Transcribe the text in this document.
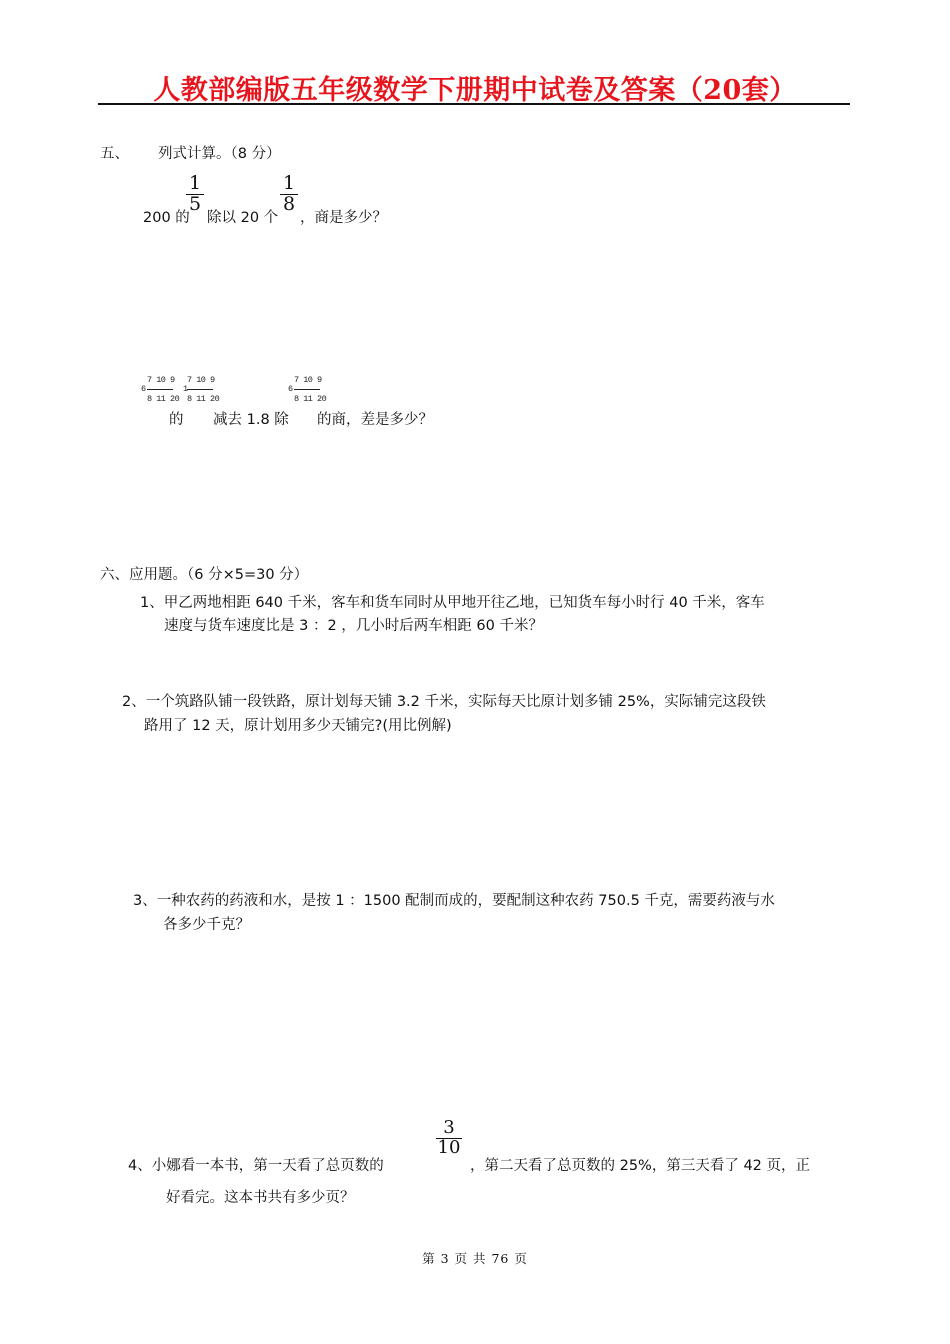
人教部编版五年级数学下册期中试卷及答案（20套）
五、 列式计算。（8 分）
200 的
1
5
除以 20 个
1
8
，商是多少？
7 10 9
6
8 11 20
的
7 10 9
1
8 11 20
减去 1.8 除
7 10 9
6
8 11 20
的商，差是多少？
六、应用题。（6 分×5=30 分）
1、甲乙两地相距 640 千米，客车和货车同时从甲地开往乙地，已知货车每小时行 40 千米，客车
速度与货车速度比是 3 ：2 ，几小时后两车相距 60 千米？
2、一个筑路队铺一段铁路，原计划每天铺 3.2 千米，实际每天比原计划多铺 25%，实际铺完这段铁
路用了 12 天，原计划用多少天铺完?(用比例解)
3、一种农药的药液和水，是按 1 ：1500 配制而成的，要配制这种农药 750.5 千克，需要药液与水
各多少千克？
4、小娜看一本书，第一天看了总页数的
3
10
，第二天看了总页数的 25%，第三天看了 42 页，正
好看完。这本书共有多少页？
第 3 页 共 76 页
